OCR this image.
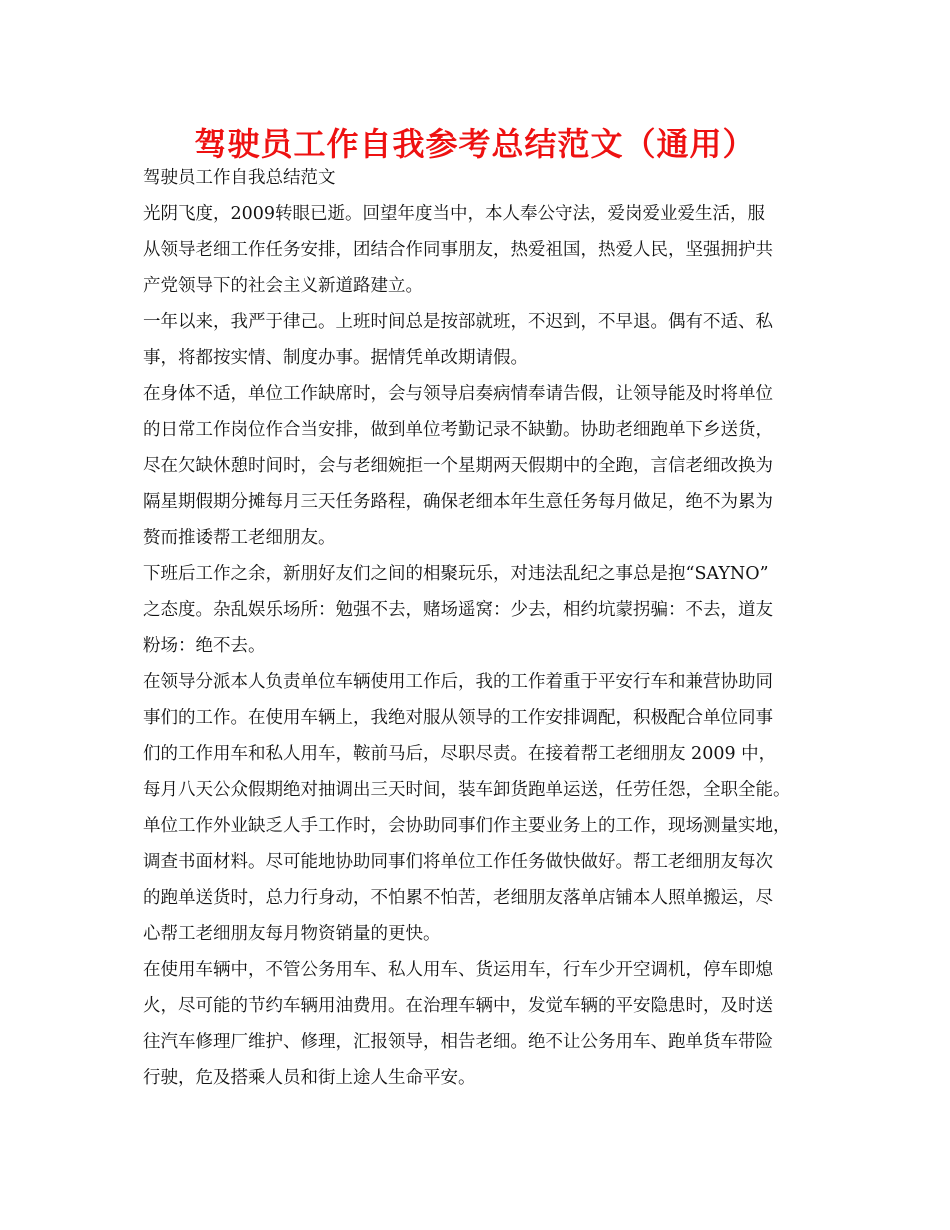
驾驶员工作自我参考总结范文（通用）
驾驶员工作自我总结范文
光阴飞度，2009转眼已逝。回望年度当中，本人奉公守法，爱岗爱业爱生活，服
从领导老细工作任务安排，团结合作同事朋友，热爱祖国，热爱人民，坚强拥护共
产党领导下的社会主义新道路建立。
一年以来，我严于律己。上班时间总是按部就班，不迟到，不早退。偶有不适、私
事，将都按实情、制度办事。据情凭单改期请假。
在身体不适，单位工作缺席时，会与领导启奏病情奉请告假，让领导能及时将单位
的日常工作岗位作合当安排，做到单位考勤记录不缺勤。协助老细跑单下乡送货，
尽在欠缺休憩时间时，会与老细婉拒一个星期两天假期中的全跑，言信老细改换为
隔星期假期分摊每月三天任务路程，确保老细本年生意任务每月做足，绝不为累为
赘而推诿帮工老细朋友。
下班后工作之余，新朋好友们之间的相聚玩乐，对违法乱纪之事总是抱“SAYNO”
之态度。杂乱娱乐场所：勉强不去，赌场遥窝：少去，相约坑蒙拐骗：不去，道友
粉场：绝不去。
在领导分派本人负责单位车辆使用工作后，我的工作着重于平安行车和兼营协助同
事们的工作。在使用车辆上，我绝对服从领导的工作安排调配，积极配合单位同事
们的工作用车和私人用车，鞍前马后，尽职尽责。在接着帮工老细朋友 2009 中，
每月八天公众假期绝对抽调出三天时间，装车卸货跑单运送，任劳任怨，全职全能。
单位工作外业缺乏人手工作时，会协助同事们作主要业务上的工作，现场测量实地，
调查书面材料。尽可能地协助同事们将单位工作任务做快做好。帮工老细朋友每次
的跑单送货时，总力行身动，不怕累不怕苦，老细朋友落单店铺本人照单搬运，尽
心帮工老细朋友每月物资销量的更快。
在使用车辆中，不管公务用车、私人用车、货运用车，行车少开空调机，停车即熄
火，尽可能的节约车辆用油费用。在治理车辆中，发觉车辆的平安隐患时，及时送
往汽车修理厂维护、修理，汇报领导，相告老细。绝不让公务用车、跑单货车带险
行驶，危及搭乘人员和街上途人生命平安。
